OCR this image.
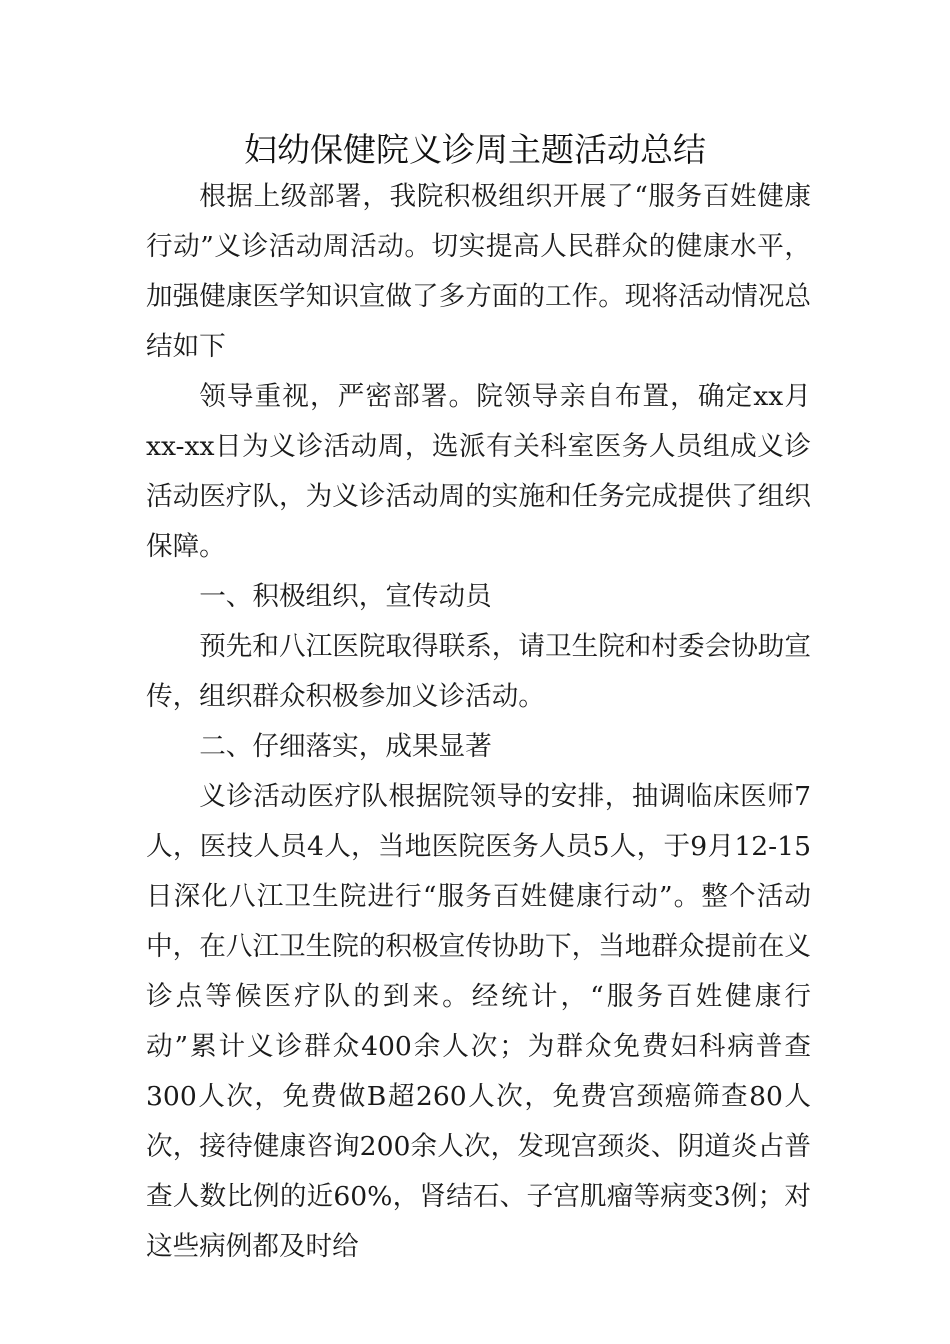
妇幼保健院义诊周主题活动总结

根据上级部署，我院积极组织开展了“服务百姓健康行动”义诊活动周活动。切实提高人民群众的健康水平，加强健康医学知识宣做了多方面的工作。现将活动情况总结如下

领导重视，严密部署。院领导亲自布置，确定xx月xx-xx日为义诊活动周，选派有关科室医务人员组成义诊活动医疗队，为义诊活动周的实施和任务完成提供了组织保障。

一、积极组织，宣传动员

预先和八江医院取得联系，请卫生院和村委会协助宣传，组织群众积极参加义诊活动。

二、仔细落实，成果显著

义诊活动医疗队根据院领导的安排，抽调临床医师7人，医技人员4人，当地医院医务人员5人，于9月12-15日深化八江卫生院进行“服务百姓健康行动”。整个活动中，在八江卫生院的积极宣传协助下，当地群众提前在义诊点等候医疗队的到来。经统计，“服务百姓健康行动”累计义诊群众400余人次；为群众免费妇科病普查300人次，免费做B超260人次，免费宫颈癌筛查80人次，接待健康咨询200余人次，发现宫颈炎、阴道炎占普查人数比例的近60%，肾结石、子宫肌瘤等病变3例；对这些病例都及时给
